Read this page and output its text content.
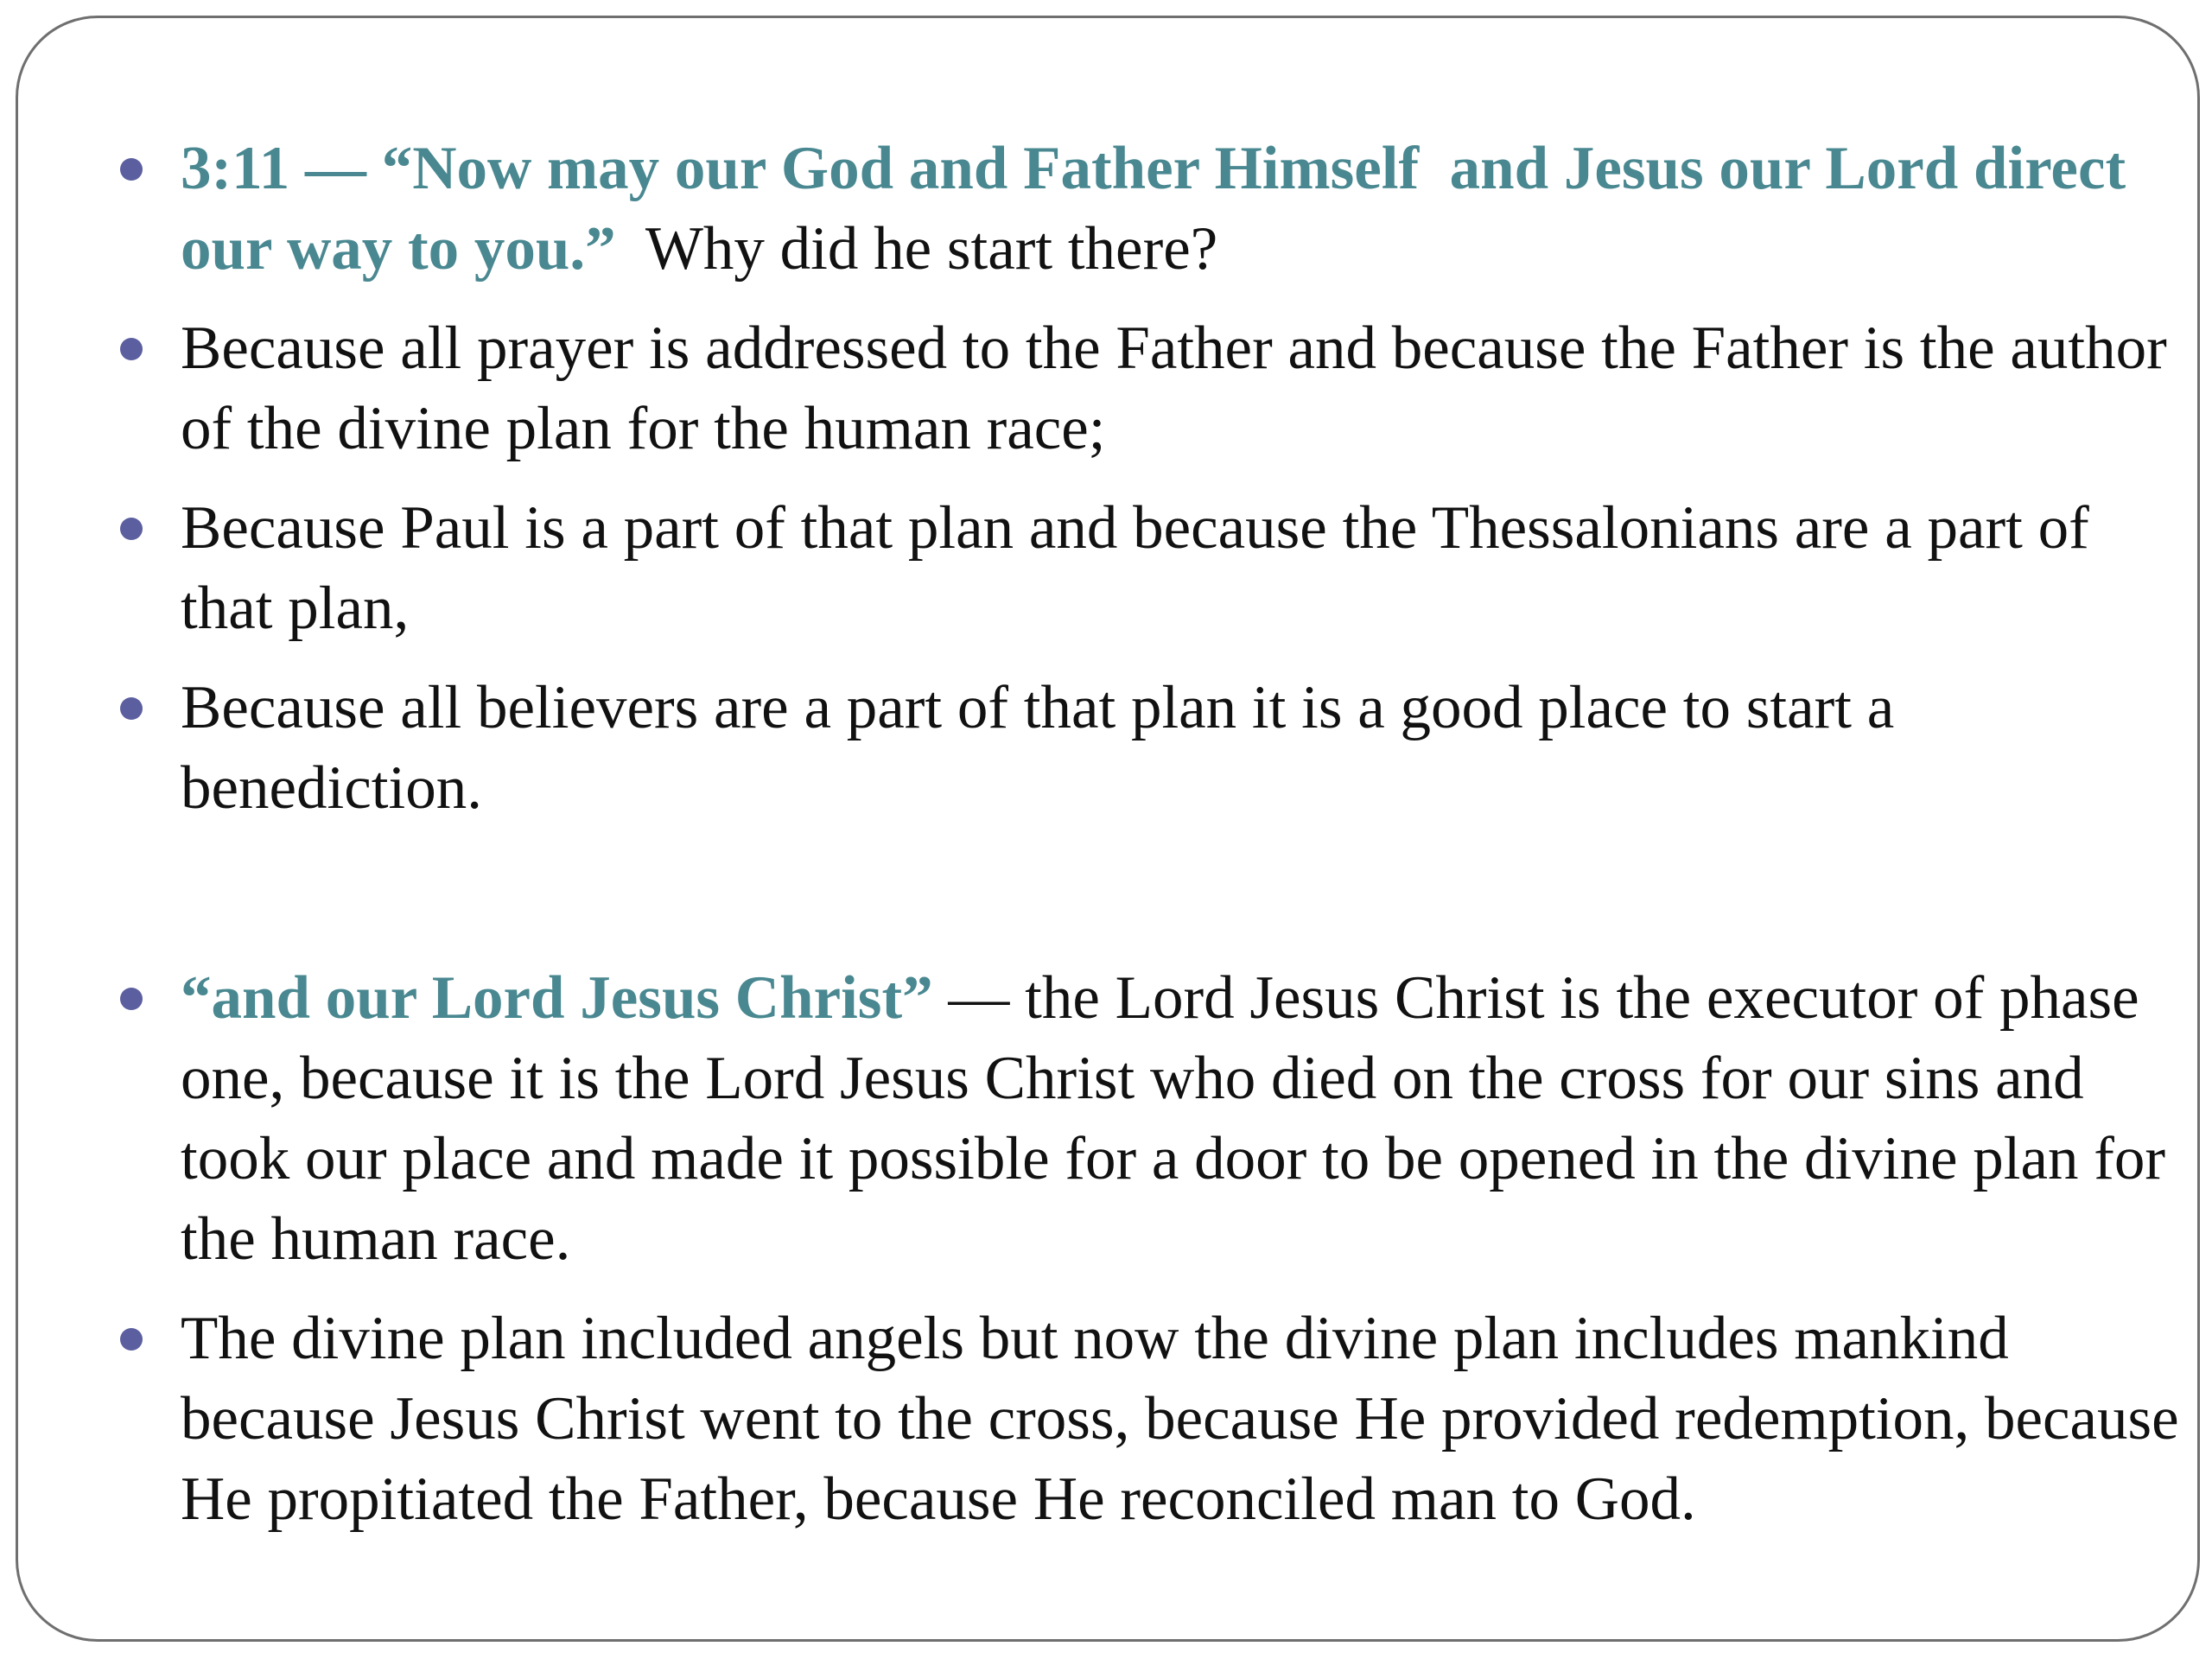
3:11 — “Now may our God and Father Himself  and Jesus our Lord direct our way to you.”  Why did he start there?
Because all prayer is addressed to the Father and because the Father is the author of the divine plan for the human race;
Because Paul is a part of that plan and because the Thessalonians are a part of that plan,
Because all believers are a part of that plan it is a good place to start a benediction.
“and our Lord Jesus Christ” — the Lord Jesus Christ is the executor of phase one, because it is the Lord Jesus Christ who died on the cross for our sins and took our place and made it possible for a door to be opened in the divine plan for the human race.
The divine plan included angels but now the divine plan includes mankind because Jesus Christ went to the cross, because He provided redemption, because He propitiated the Father, because He reconciled man to God.
